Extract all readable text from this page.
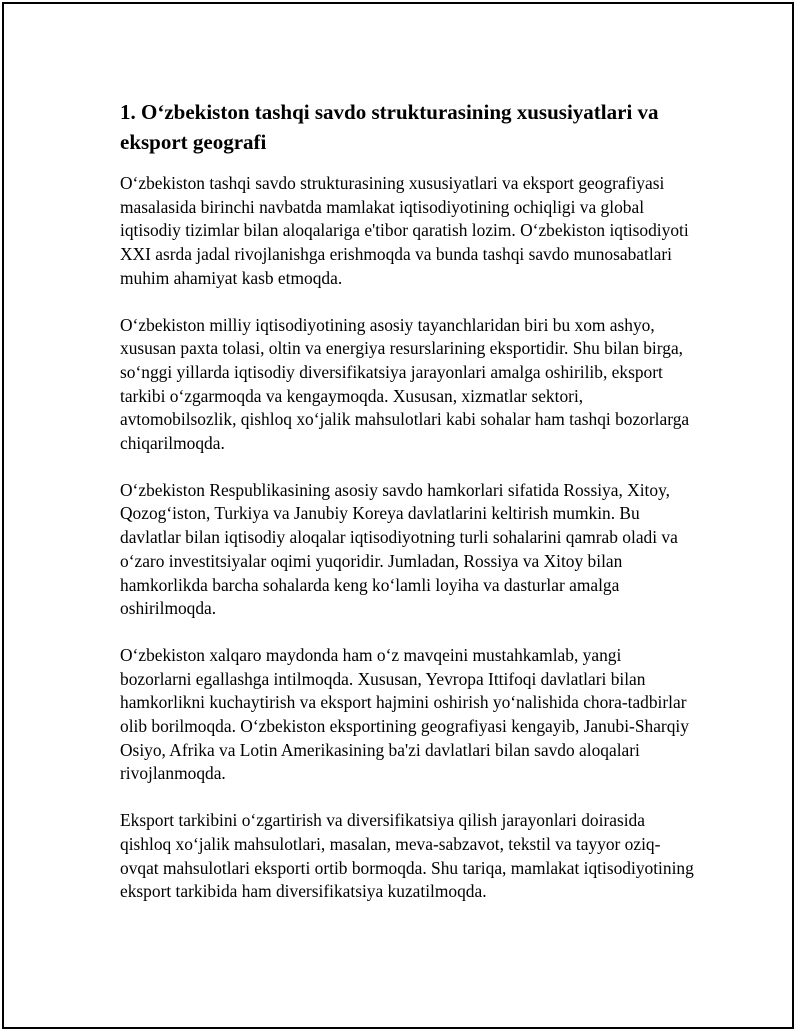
1. O‘zbekiston tashqi savdo strukturasining xususiyatlari va eksport geografi

O‘zbekiston tashqi savdo strukturasining xususiyatlari va eksport geografiyasi masalasida birinchi navbatda mamlakat iqtisodiyotining ochiqligi va global iqtisodiy tizimlar bilan aloqalariga e'tibor qaratish lozim. O‘zbekiston iqtisodiyoti XXI asrda jadal rivojlanishga erishmoqda va bunda tashqi savdo munosabatlari muhim ahamiyat kasb etmoqda.

O‘zbekiston milliy iqtisodiyotining asosiy tayanchlaridan biri bu xom ashyo, xususan paxta tolasi, oltin va energiya resurslarining eksportidir. Shu bilan birga, so‘nggi yillarda iqtisodiy diversifikatsiya jarayonlari amalga oshirilib, eksport tarkibi o‘zgarmoqda va kengaymoqda. Xususan, xizmatlar sektori, avtomobilsozlik, qishloq xo‘jalik mahsulotlari kabi sohalar ham tashqi bozorlarga chiqarilmoqda.

O‘zbekiston Respublikasining asosiy savdo hamkorlari sifatida Rossiya, Xitoy, Qozog‘iston, Turkiya va Janubiy Koreya davlatlarini keltirish mumkin. Bu davlatlar bilan iqtisodiy aloqalar iqtisodiyotning turli sohalarini qamrab oladi va o‘zaro investitsiyalar oqimi yuqoridir. Jumladan, Rossiya va Xitoy bilan hamkorlikda barcha sohalarda keng ko‘lamli loyiha va dasturlar amalga oshirilmoqda.

O‘zbekiston xalqaro maydonda ham o‘z mavqeini mustahkamlab, yangi bozorlarni egallashga intilmoqda. Xususan, Yevropa Ittifoqi davlatlari bilan hamkorlikni kuchaytirish va eksport hajmini oshirish yo‘nalishida chora-tadbirlar olib borilmoqda. O‘zbekiston eksportining geografiyasi kengayib, Janubi-Sharqiy Osiyo, Afrika va Lotin Amerikasining ba'zi davlatlari bilan savdo aloqalari rivojlanmoqda.

Eksport tarkibini o‘zgartirish va diversifikatsiya qilish jarayonlari doirasida qishloq xo‘jalik mahsulotlari, masalan, meva-sabzavot, tekstil va tayyor oziq-ovqat mahsulotlari eksporti ortib bormoqda. Shu tariqa, mamlakat iqtisodiyotining eksport tarkibida ham diversifikatsiya kuzatilmoqda.
